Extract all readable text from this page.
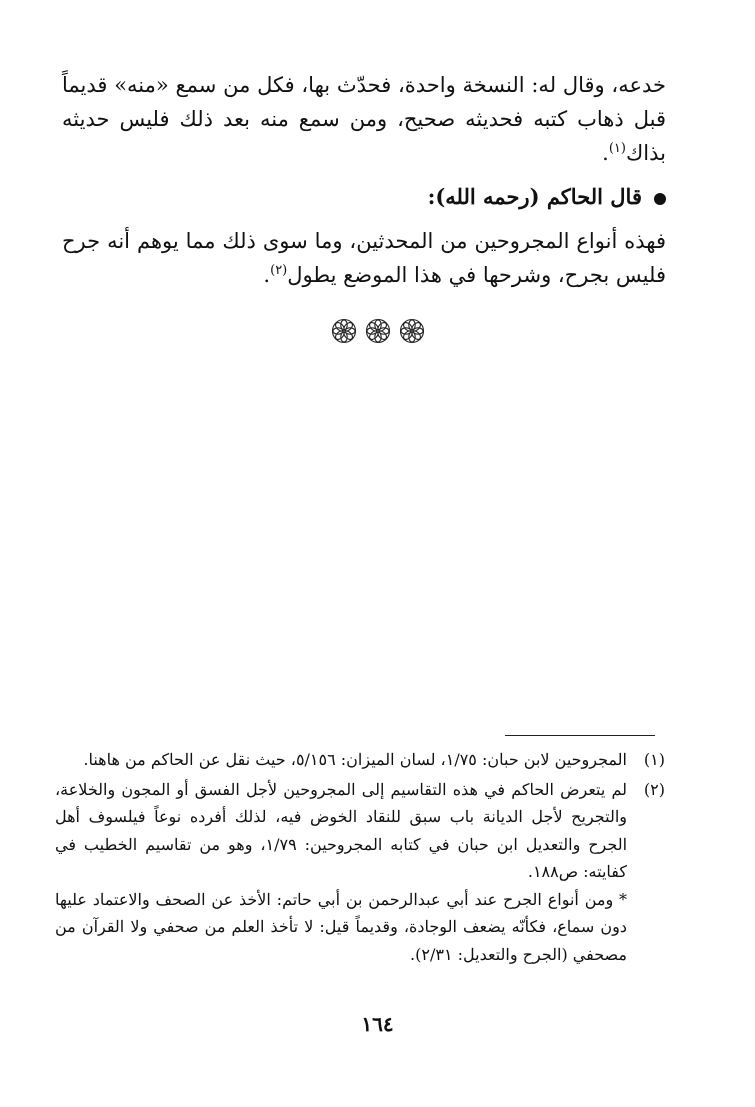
خدعه، وقال له: النسخة واحدة، فحدّث بها، فكل من سمع «منه» قديماً قبل ذهاب كتبه فحديثه صحيح، ومن سمع منه بعد ذلك فليس حديثه بذاك$^{(١)}$.

قال الحاكم (رحمه الله):

فهذه أنواع المجروحين من المحدثين، وما سوى ذلك مما يوهم أنه جرح فليس بجرح، وشرحها في هذا الموضع يطول$^{(٢)}$.

(١)
المجروحين لابن حبان: ١/٧٥، لسان الميزان: ٥/١٥٦، حيث نقل عن الحاكم من هاهنا.
(٢)
لم يتعرض الحاكم في هذه التقاسيم إلى المجروحين لأجل الفسق أو المجون والخلاعة، والتجريح لأجل الديانة باب سبق للنقاد الخوض فيه، لذلك أفرده نوعاً فيلسوف أهل الجرح والتعديل ابن حبان في كتابه المجروحين: ١/٧٩، وهو من تقاسيم الخطيب في كفايته: ص١٨٨.
* ومن أنواع الجرح عند أبي عبدالرحمن بن أبي حاتم: الأخذ عن الصحف والاعتماد عليها دون سماع، فكأنّه يضعف الوجادة، وقديماً قيل: لا تأخذ العلم من صحفي ولا القرآن من مصحفي (الجرح والتعديل: ٢/٣١).
١٦٤
